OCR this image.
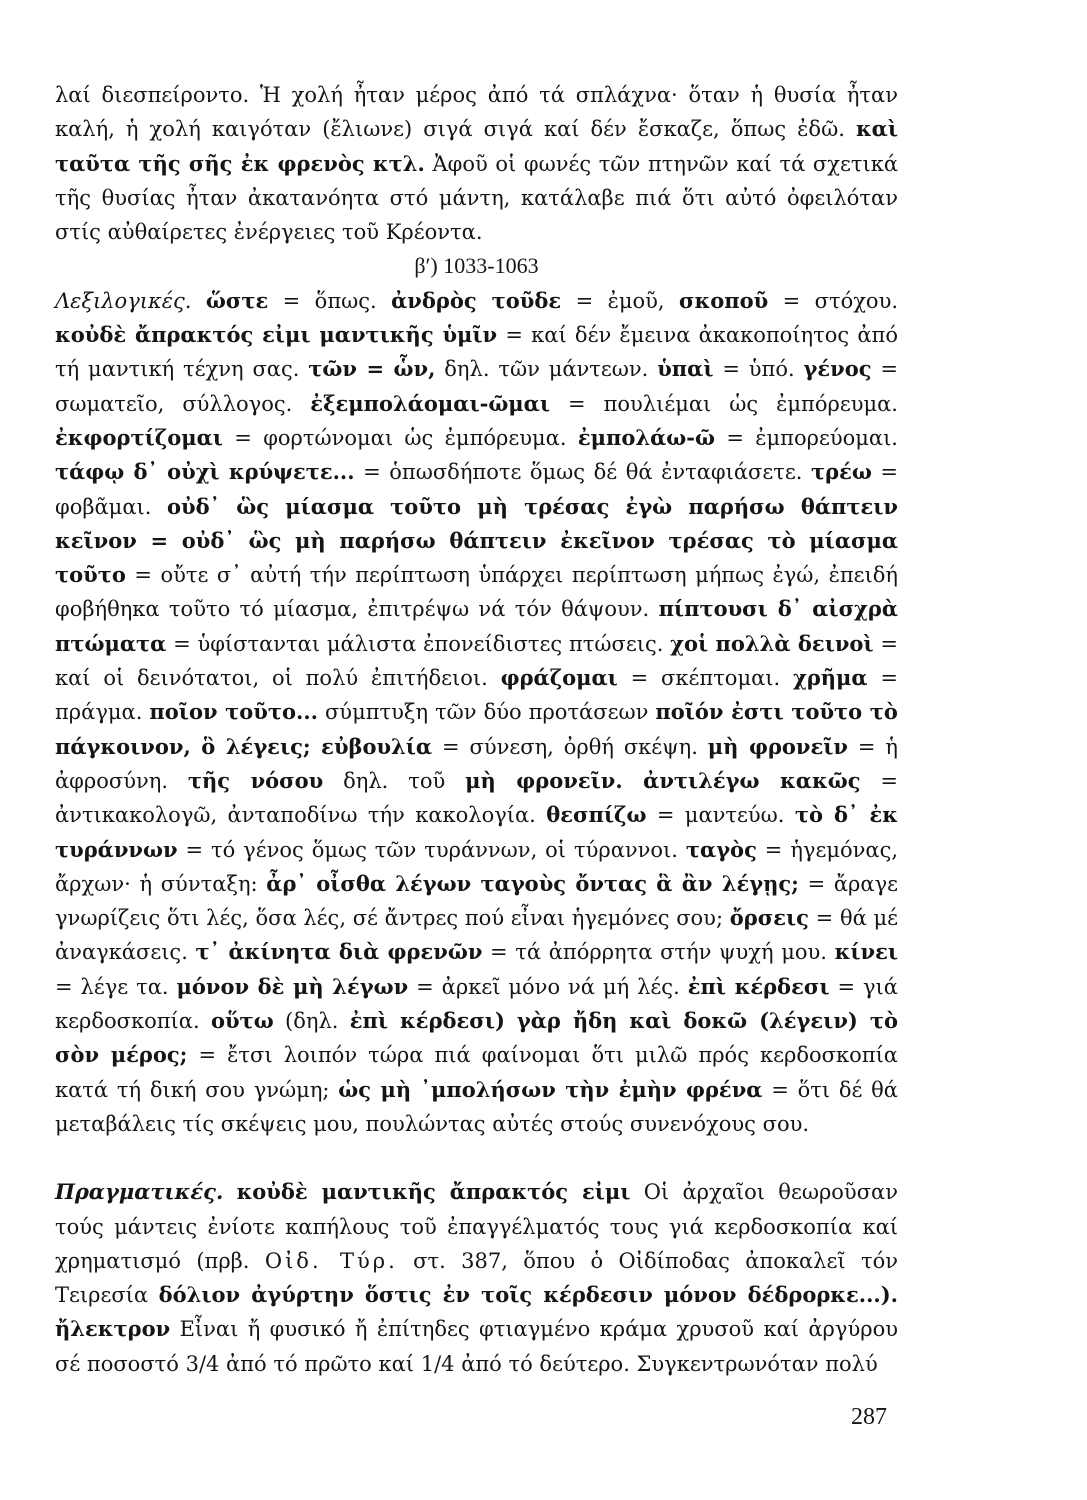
λαί διεσπείροντο. Ἡ χολή ἦταν μέρος ἀπό τά σπλάχνα· ὅταν ἡ θυσία ἦταν καλή, ἡ χολή καιγόταν (ἔλιωνε) σιγά σιγά καί δέν ἔσκαζε, ὅπως ἐδῶ. καὶ ταῦτα τῆς σῆς ἐκ φρενὸς κτλ. Ἀφοῦ οἱ φωνές τῶν πτηνῶν καί τά σχετικά τῆς θυσίας ἦταν ἀκατανόητα στό μάντη, κατάλαβε πιά ὅτι αὐτό ὀφειλόταν στίς αὐθαίρετες ἐνέργειες τοῦ Κρέοντα.

β′) 1033-1063

Λεξιλογικές. ὥστε = ὅπως. ἀνδρὸς τοῦδε = ἐμοῦ, σκοποῦ = στόχου. κοὐδὲ ἄπρακτός εἰμι μαντικῆς ὑμῖν = καί δέν ἔμεινα ἀκακοποίητος ἀπό τή μαντική τέχνη σας. τῶν = ὧν, δηλ. τῶν μάντεων. ὑπαὶ = ὑπό. γένος = σωματεῖο, σύλλογος. ἐξεμπολάομαι-ῶμαι = πουλιέμαι ὡς ἐμπόρευμα. ἐκφορτίζομαι = φορτώνομαι ὡς ἐμπόρευμα. ἐμπολάω-ῶ = ἐμπορεύομαι. τάφῳ δ᾽ οὐχὶ κρύψετε... = ὁπωσδήποτε ὅμως δέ θά ἐνταφιάσετε. τρέω = φοβᾶμαι. οὐδ᾽ ὣς μίασμα τοῦτο μὴ τρέσας ἐγὼ παρήσω θάπτειν κεῖνον = οὐδ᾽ ὣς μὴ παρήσω θάπτειν ἐκεῖνον τρέσας τὸ μίασμα τοῦτο = οὔτε σ᾽ αὐτή τήν περίπτωση ὑπάρχει περίπτωση μήπως ἐγώ, ἐπειδή φοβήθηκα τοῦτο τό μίασμα, ἐπιτρέψω νά τόν θάψουν. πίπτουσι δ᾽ αἰσχρὰ πτώματα = ὑφίστανται μάλιστα ἐπονείδιστες πτώσεις. χοἱ πολλὰ δεινοὶ = καί οἱ δεινότατοι, οἱ πολύ ἐπιτήδειοι. φράζομαι = σκέπτομαι. χρῆμα = πράγμα. ποῖον τοῦτο... σύμπτυξη τῶν δύο προτάσεων ποῖόν ἐστι τοῦτο τὸ πάγκοινον, ὃ λέγεις; εὐβουλία = σύνεση, ὀρθή σκέψη. μὴ φρονεῖν = ἡ ἀφροσύνη. τῆς νόσου δηλ. τοῦ μὴ φρονεῖν. ἀντιλέγω κακῶς = ἀντικακολογῶ, ἀνταποδίνω τήν κακολογία. θεσπίζω = μαντεύω. τὸ δ᾽ ἐκ τυράννων = τό γένος ὅμως τῶν τυράννων, οἱ τύραννοι. ταγὸς = ἡγεμόνας, ἄρχων· ἡ σύνταξη: ἆρ᾽ οἶσθα λέγων ταγοὺς ὄντας ἃ ἂν λέγῃς; = ἄραγε γνωρίζεις ὅτι λές, ὅσα λές, σέ ἄντρες πού εἶναι ἡγεμόνες σου; ὄρσεις = θά μέ ἀναγκάσεις. τ᾽ ἀκίνητα διὰ φρενῶν = τά ἀπόρρητα στήν ψυχή μου. κίνει = λέγε τα. μόνον δὲ μὴ λέγων = ἀρκεῖ μόνο νά μή λές. ἐπὶ κέρδεσι = γιά κερδοσκοπία. οὕτω (δηλ. ἐπὶ κέρδεσι) γὰρ ἤδη καὶ δοκῶ (λέγειν) τὸ σὸν μέρος; = ἔτσι λοιπόν τώρα πιά φαίνομαι ὅτι μιλῶ πρός κερδοσκοπία κατά τή δική σου γνώμη; ὡς μὴ ᾽μπολήσων τὴν ἐμὴν φρένα = ὅτι δέ θά μεταβάλεις τίς σκέψεις μου, πουλώντας αὐτές στούς συνενόχους σου.

Πραγματικές. κοὐδὲ μαντικῆς ἄπρακτός εἰμι Οἱ ἀρχαῖοι θεωροῦσαν τούς μάντεις ἐνίοτε καπήλους τοῦ ἐπαγγέλματός τους γιά κερδοσκοπία καί χρηματισμό (πρβ. Οἰδ. Τύρ. στ. 387, ὅπου ὁ Οἰδίποδας ἀποκαλεῖ τόν Τειρεσία δόλιον ἀγύρτην ὅστις ἐν τοῖς κέρδεσιν μόνον δέδρορκε...). ἤλεκτρον Εἶναι ἤ φυσικό ἤ ἐπίτηδες φτιαγμένο κράμα χρυσοῦ καί ἀργύρου σέ ποσοστό 3/4 ἀπό τό πρῶτο καί 1/4 ἀπό τό δεύτερο. Συγκεντρωνόταν πολύ

287
